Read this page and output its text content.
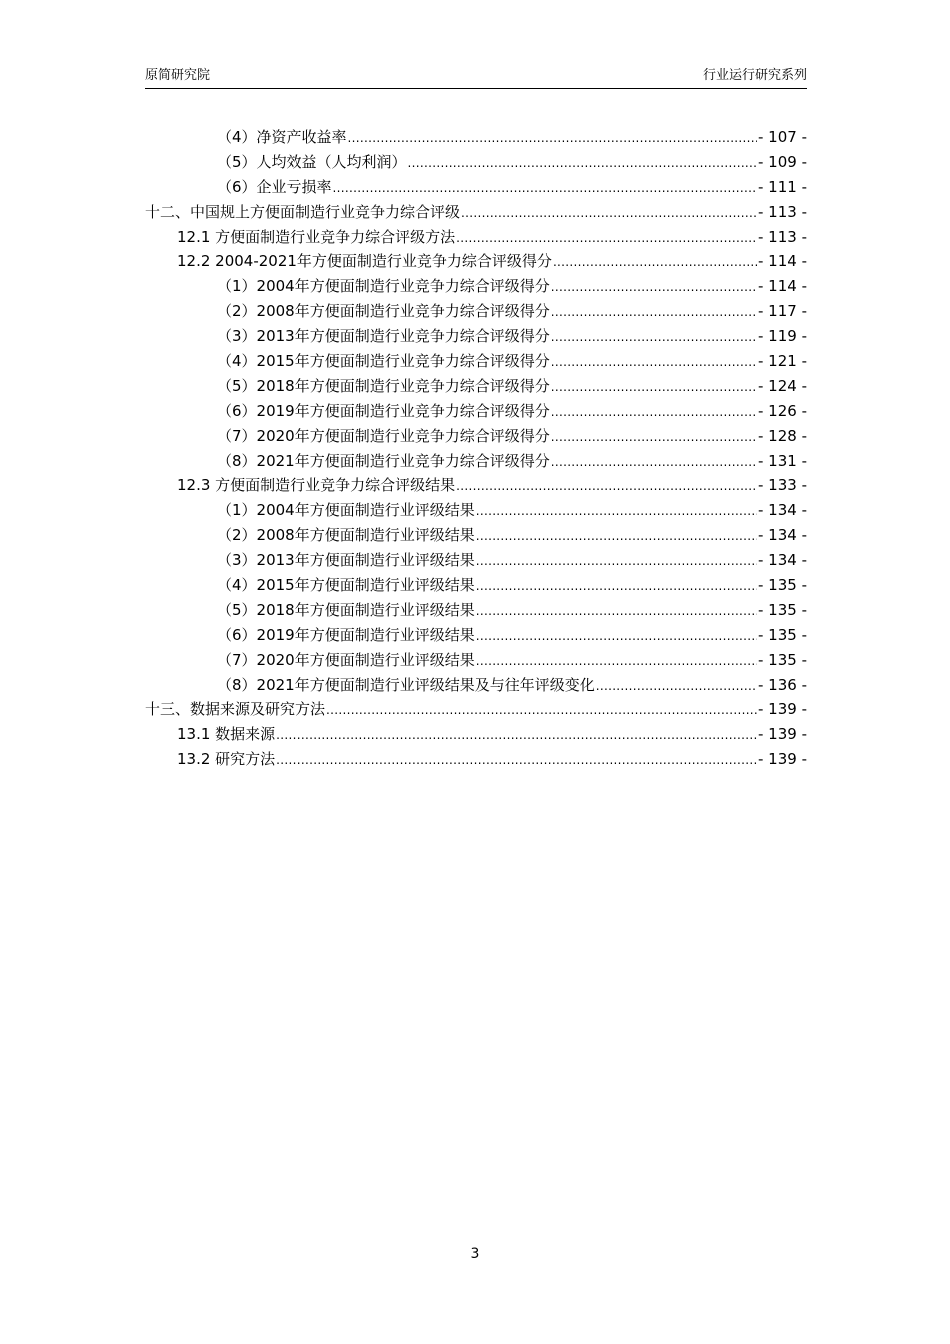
原简研究院	行业运行研究系列
（4）净资产收益率 .....	- 107 -
（5）人均效益（人均利润） .....	- 109 -
（6）企业亏损率 .....	- 111 -
十二、中国规上方便面制造行业竞争力综合评级 .....	- 113 -
12.1 方便面制造行业竞争力综合评级方法 .....	- 113 -
12.2 2004-2021年方便面制造行业竞争力综合评级得分 .....	- 114 -
（1）2004年方便面制造行业竞争力综合评级得分 .....	- 114 -
（2）2008年方便面制造行业竞争力综合评级得分 .....	- 117 -
（3）2013年方便面制造行业竞争力综合评级得分 .....	- 119 -
（4）2015年方便面制造行业竞争力综合评级得分 .....	- 121 -
（5）2018年方便面制造行业竞争力综合评级得分 .....	- 124 -
（6）2019年方便面制造行业竞争力综合评级得分 .....	- 126 -
（7）2020年方便面制造行业竞争力综合评级得分 .....	- 128 -
（8）2021年方便面制造行业竞争力综合评级得分 .....	- 131 -
12.3 方便面制造行业竞争力综合评级结果 .....	- 133 -
（1）2004年方便面制造行业评级结果 .....	- 134 -
（2）2008年方便面制造行业评级结果 .....	- 134 -
（3）2013年方便面制造行业评级结果 .....	- 134 -
（4）2015年方便面制造行业评级结果 .....	- 135 -
（5）2018年方便面制造行业评级结果 .....	- 135 -
（6）2019年方便面制造行业评级结果 .....	- 135 -
（7）2020年方便面制造行业评级结果 .....	- 135 -
（8）2021年方便面制造行业评级结果及与往年评级变化 .....	- 136 -
十三、数据来源及研究方法 .....	- 139 -
13.1 数据来源 .....	- 139 -
13.2 研究方法 .....	- 139 -
3
